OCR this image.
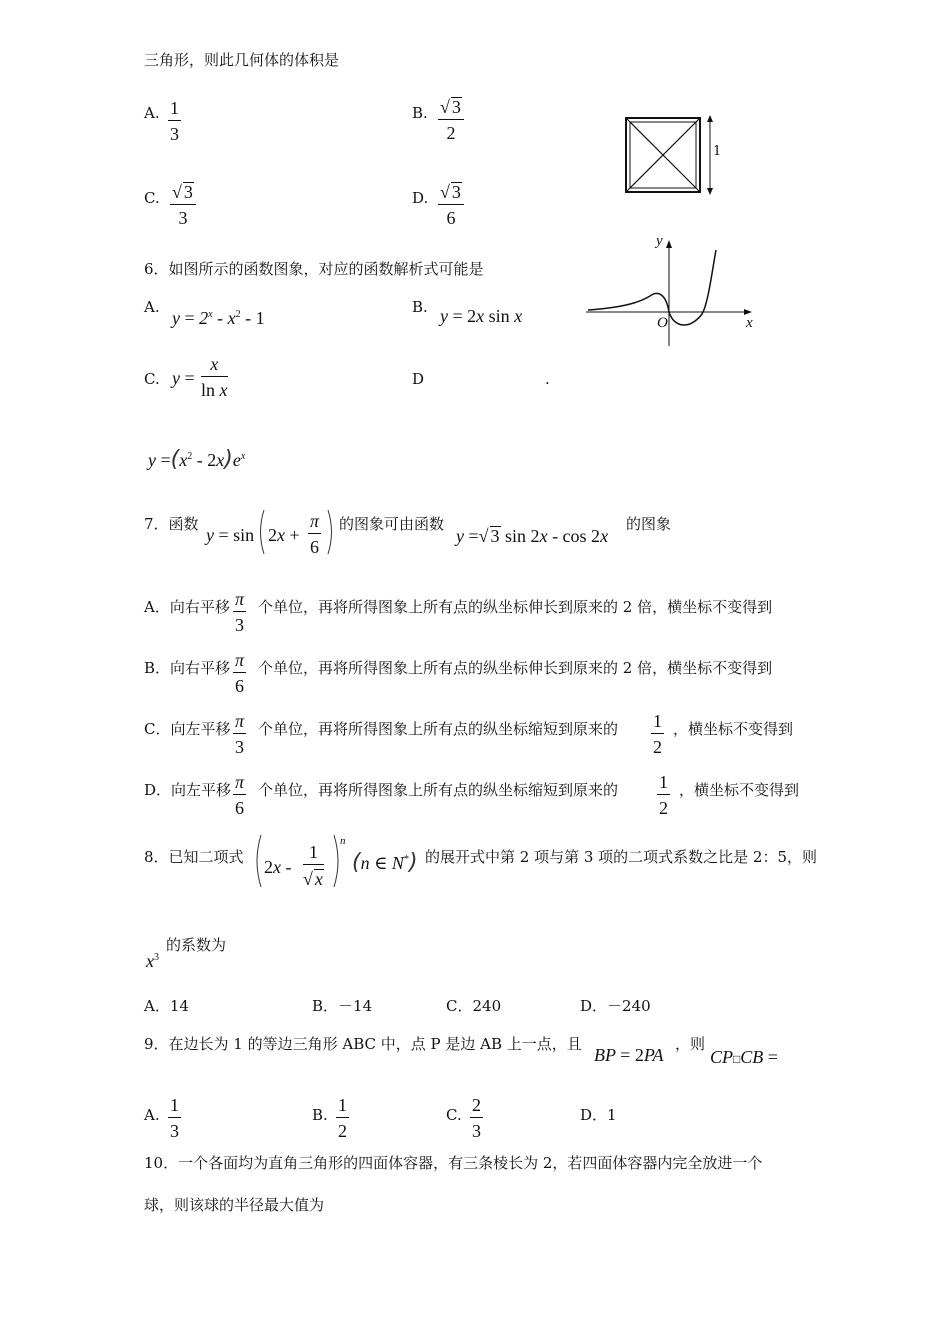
三角形，则此几何体的体积是
A. $\frac{1}{3}$	B. $\frac{√ 3}{2}$
C. $\frac{√ 3}{3}$	D. $\frac{√ 3}{6}$
1
6．如图所示的函数图象，对应的函数解析式可能是
A.
$y = 2^x - x^2 - 1$
B. y = 2x sin x
C. $y = \frac{x}{\text{ln x}}$	D	.
$y =(x^2 - 2x)e^x$
y
x
O
7．函数
$y = \sin 2x + \frac{\pi}{6}$ 的图象可由函数
y =√ 3 sin 2x - cos 2x
的图象
A．向右平移 $\frac{\pi}{3}$ 个单位，再将所得图象上所有点的纵坐标伸长到原来的 2 倍，横坐标不变得到
B．向右平移 $\frac{\pi}{6}$ 个单位，再将所得图象上所有点的纵坐标伸长到原来的 2 倍，横坐标不变得到
C．向左平移 $\frac{\pi}{3}$ 个单位，再将所得图象上所有点的纵坐标缩短到原来的 $\frac{1}{2}$ ，横坐标不变得到
D．向左平移 $\frac{\pi}{6}$ 个单位，再将所得图象上所有点的纵坐标缩短到原来的 $\frac{1}{2}$ ，横坐标不变得到
8．已知二项式 $2x - \frac{1}{√ x}$
n
(n ∈ N*) 的展开式中第 2 项与第 3 项的二项式系数之比是 2：5，则
$x^3$
的系数为
A．14	B．－14	C．240	D．－240
9．在边长为 1 的等边三角形 ABC 中，点 P 是边 AB 上一点，且
BP = 2PA
，则
CP□CB =
A. $\frac{1}{3}$	B. $\frac{1}{2}$	C. $\frac{2}{3}$	D．1
10．一个各面均为直角三角形的四面体容器，有三条棱长为 2，若四面体容器内完全放进一个
球，则该球的半径最大值为
